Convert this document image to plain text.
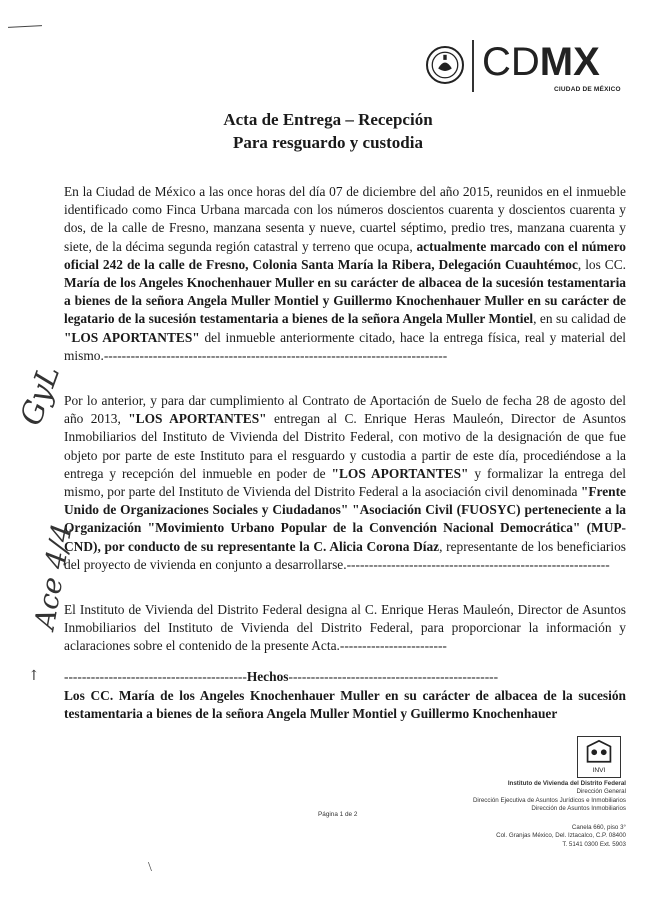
CDMX
CIUDAD DE MÉXICO
Acta de Entrega – Recepción
Para resguardo y custodia
En la Ciudad de México a las once horas del día 07 de diciembre del año 2015, reunidos en el inmueble identificado como Finca Urbana marcada con los números doscientos cuarenta y doscientos cuarenta y dos, de la calle de Fresno, manzana sesenta y nueve, cuartel séptimo, predio tres, manzana cuarenta y siete, de la décima segunda región catastral y terreno que ocupa, actualmente marcado con el número oficial 242 de la calle de Fresno, Colonia Santa María la Ribera, Delegación Cuauhtémoc, los CC. María de los Angeles Knochenhauer Muller en su carácter de albacea de la sucesión testamentaria a bienes de la señora Angela Muller Montiel y Guillermo Knochenhauer Muller en su carácter de legatario de la sucesión testamentaria a bienes de la señora Angela Muller Montiel, en su calidad de "LOS APORTANTES" del inmueble anteriormente citado, hace la entrega física, real y material del mismo.-----------------------------------------------------------------------------
Por lo anterior, y para dar cumplimiento al Contrato de Aportación de Suelo de fecha 28 de agosto del año 2013, "LOS APORTANTES" entregan al C. Enrique Heras Mauleón, Director de Asuntos Inmobiliarios del Instituto de Vivienda del Distrito Federal, con motivo de la designación de que fue objeto por parte de este Instituto para el resguardo y custodia a partir de este día, procediéndose a la entrega y recepción del inmueble en poder de "LOS APORTANTES" y formalizar la entrega del mismo, por parte del Instituto de Vivienda del Distrito Federal a la asociación civil denominada "Frente Unido de Organizaciones Sociales y Ciudadanos" "Asociación Civil (FUOSYC) perteneciente a la Organización "Movimiento Urbano Popular de la Convención Nacional Democrática" (MUP-CND), por conducto de su representante la C. Alicia Corona Díaz, representante de los beneficiarios del proyecto de vivienda en conjunto a desarrollarse.-----------------------------------------------------------
El Instituto de Vivienda del Distrito Federal designa al C. Enrique Heras Mauleón, Director de Asuntos Inmobiliarios del Instituto de Vivienda del Distrito Federal, para proporcionar la información y aclaraciones sobre el contenido de la presente Acta.------------------------
-----------------------------------------Hechos-----------------------------------------------
Los CC. María de los Angeles Knochenhauer Muller en su carácter de albacea de la sucesión testamentaria a bienes de la señora Angela Muller Montiel y Guillermo Knochenhauer
GyL
Ace 4/4
↑
\
INVI
Página 1 de 2
Instituto de Vivienda del Distrito Federal
Dirección General
Dirección Ejecutiva de Asuntos Jurídicos e Inmobiliarios
Dirección de Asuntos Inmobiliarios
Canela 660, piso 3°
Col. Granjas México, Del. Iztacalco, C.P. 08400
T. 5141 0300 Ext. 5903
